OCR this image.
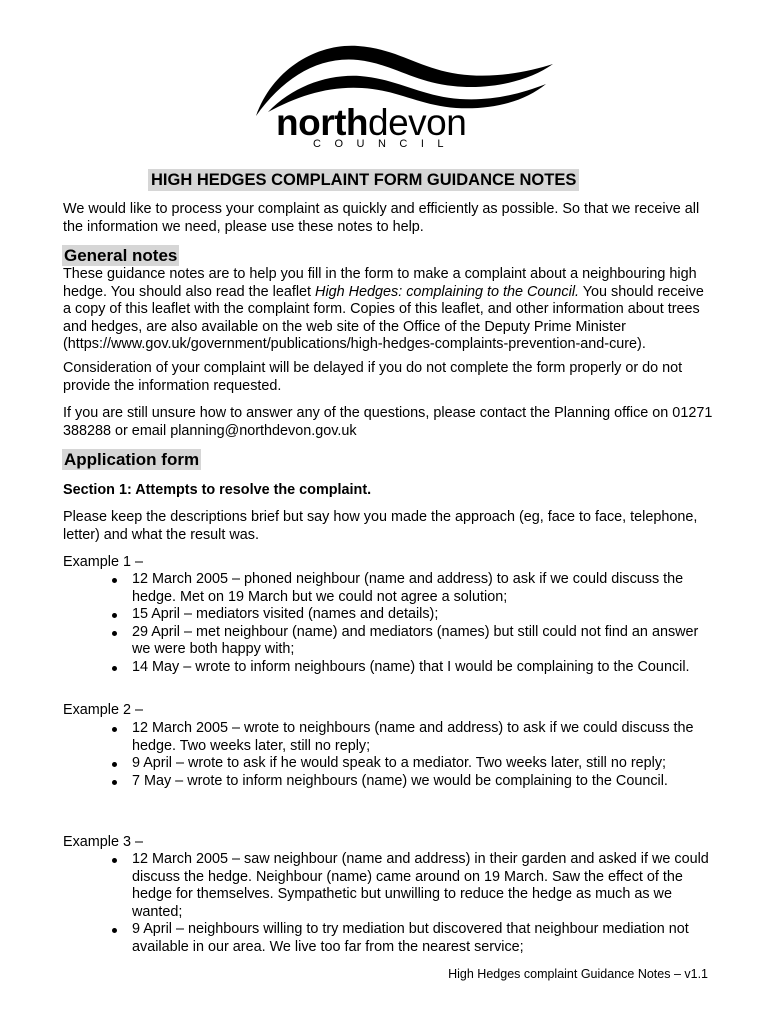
northdevon
COUNCIL
HIGH HEDGES COMPLAINT FORM GUIDANCE NOTES

We would like to process your complaint as quickly and efficiently as possible. So that we receive all the information we need, please use these notes to help.

General notes

These guidance notes are to help you fill in the form to make a complaint about a neighbouring high hedge. You should also read the leaflet High Hedges: complaining to the Council. You should receive a copy of this leaflet with the complaint form. Copies of this leaflet, and other information about trees and hedges, are also available on the web site of the Office of the Deputy Prime Minister (https://www.gov.uk/government/publications/high-hedges-complaints-prevention-and-cure).

Consideration of your complaint will be delayed if you do not complete the form properly or do not provide the information requested.

If you are still unsure how to answer any of the questions, please contact the Planning office on 01271 388288 or email planning@northdevon.gov.uk

Application form

Section 1: Attempts to resolve the complaint.

Please keep the descriptions brief but say how you made the approach (eg, face to face, telephone, letter) and what the result was.

Example 1 –

12 March 2005 – phoned neighbour (name and address) to ask if we could discuss the hedge. Met on 19 March but we could not agree a solution;
15 April – mediators visited (names and details);
29 April – met neighbour (name) and mediators (names) but still could not find an answer we were both happy with;
14 May – wrote to inform neighbours (name) that I would be complaining to the Council.

Example 2 –

12 March 2005 – wrote to neighbours (name and address) to ask if we could discuss the hedge. Two weeks later, still no reply;
9 April – wrote to ask if he would speak to a mediator. Two weeks later, still no reply;
7 May – wrote to inform neighbours (name) we would be complaining to the Council.

Example 3 –

12 March 2005 – saw neighbour (name and address) in their garden and asked if we could discuss the hedge. Neighbour (name) came around on 19 March. Saw the effect of the hedge for themselves. Sympathetic but unwilling to reduce the hedge as much as we wanted;
9 April – neighbours willing to try mediation but discovered that neighbour mediation not available in our area. We live too far from the nearest service;
High Hedges complaint Guidance Notes – v1.1
